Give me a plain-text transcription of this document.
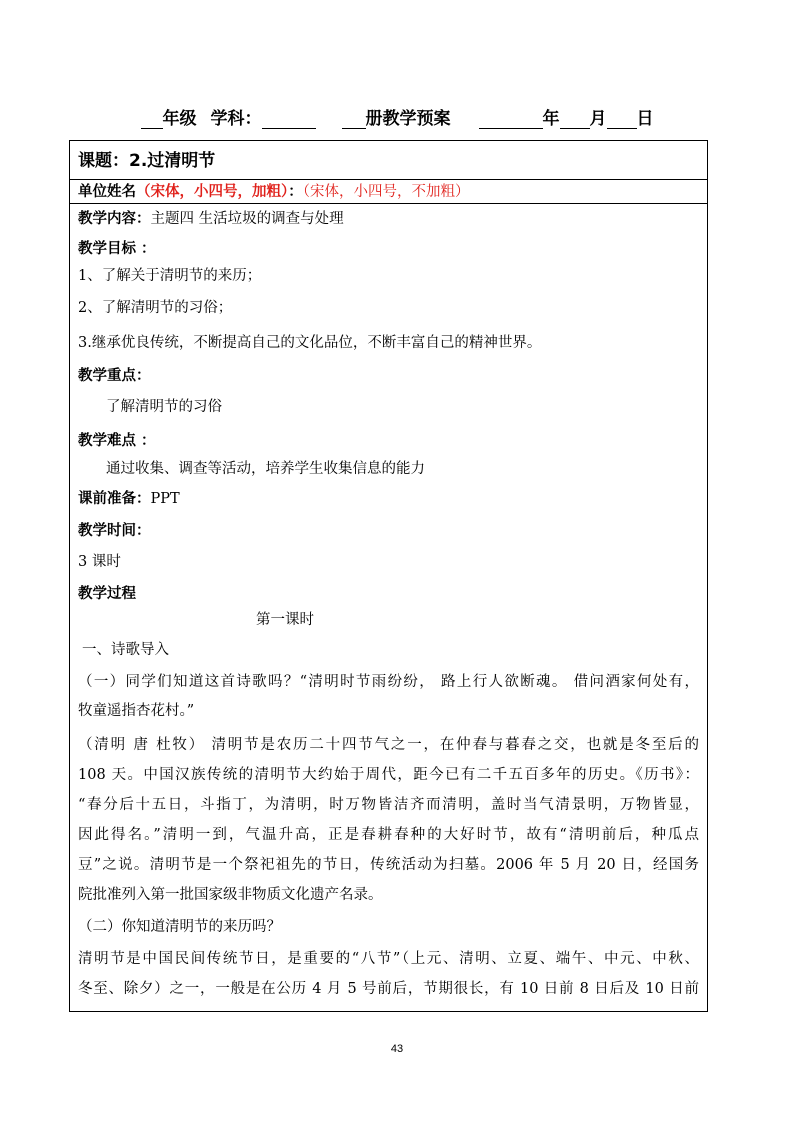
年级 学科：	册教学预案	年 月 日
课题：2.过清明节
单位姓名（宋体，小四号，加粗）：（宋体，小四号，不加粗）
教学内容：主题四 生活垃圾的调查与处理
教学目标 ：
1、了解关于清明节的来历；
2、了解清明节的习俗；
3.继承优良传统，不断提高自己的文化品位，不断丰富自己的精神世界。
教学重点：
了解清明节的习俗
教学难点 ：
通过收集、调查等活动，培养学生收集信息的能力
课前准备：PPT
教学时间：
3 课时
教学过程
第一课时
一、诗歌导入
（一）同学们知道这首诗歌吗？“清明时节雨纷纷， 路上行人欲断魂。 借问酒家何处有，
牧童遥指杏花村。”
（清明 唐 杜牧） 清明节是农历二十四节气之一，在仲春与暮春之交，也就是冬至后的
108 天。中国汉族传统的清明节大约始于周代，距今已有二千五百多年的历史。《历书》：
“春分后十五日，斗指丁，为清明，时万物皆洁齐而清明，盖时当气清景明，万物皆显，
因此得名。”清明一到，气温升高，正是春耕春种的大好时节，故有“清明前后，种瓜点
豆”之说。清明节是一个祭祀祖先的节日，传统活动为扫墓。2006 年 5 月 20 日，经国务
院批准列入第一批国家级非物质文化遗产名录。
（二）你知道清明节的来历吗？
清明节是中国民间传统节日，是重要的“八节”（上元、清明、立夏、端午、中元、中秋、
冬至、除夕）之一，一般是在公历 4 月 5 号前后，节期很长，有 10 日前 8 日后及 10 日前
43
